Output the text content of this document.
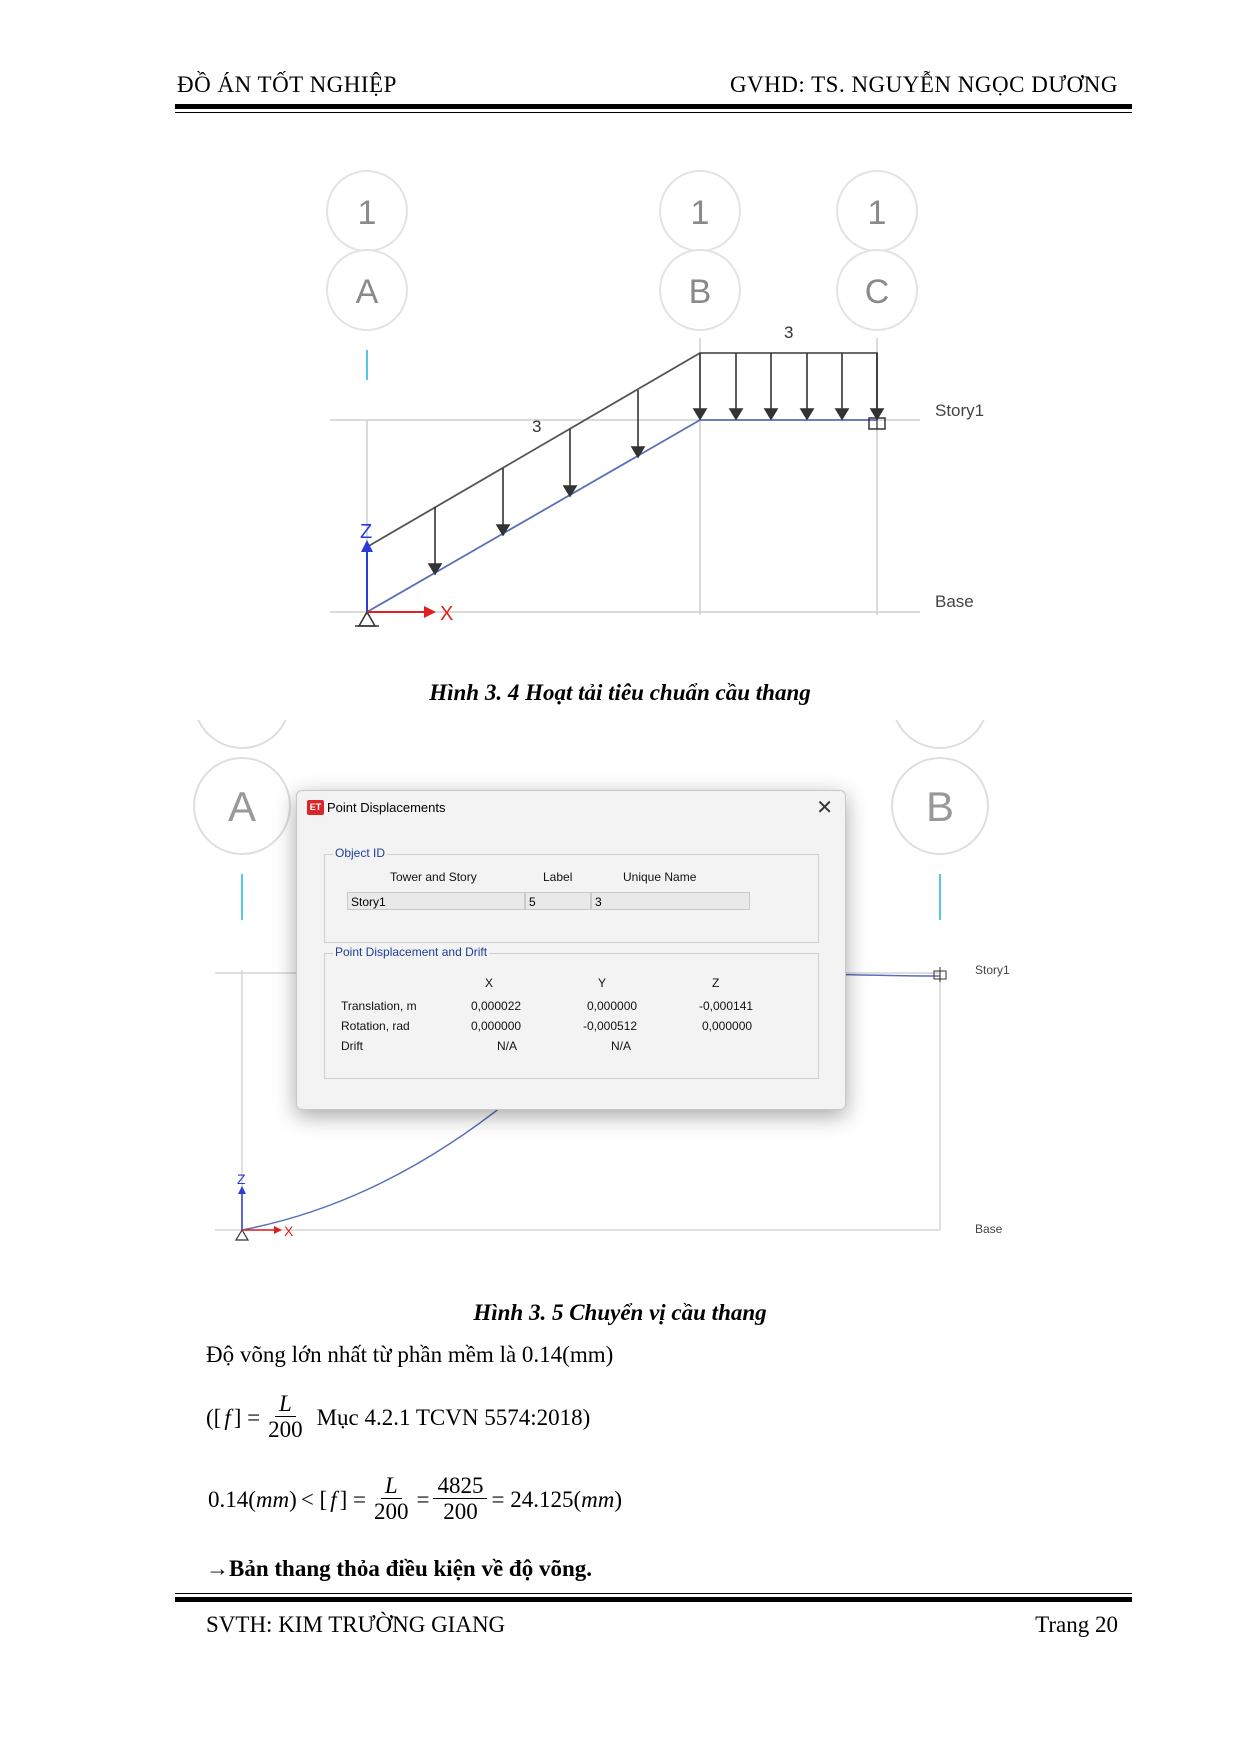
ĐỒ ÁN TỐT NGHIỆP	GVHD: TS. NGUYỄN NGỌC DƯƠNG
1
A
1
B
1
C
Story1
Base
3
3
Z
X
Hình 3. 4 Hoạt tải tiêu chuẩn cầu thang
A	B
Story1
Base
Z
X
ET Point Displacements	✕
Object ID
Tower and Story	Label	Unique Name
Story1	5	3
Point Displacement and Drift
X	Y	Z
Translation, m	0,000022	0,000000	-0,000141
Rotation, rad	0,000000	-0,000512	0,000000
Drift	N/A	N/A
Hình 3. 5 Chuyển vị cầu thang
Độ võng lớn nhất từ phần mềm là 0.14(mm)
([ f ] = $\frac{L}{200}$ Mục 4.2.1 TCVN 5574:2018)
0.14 ( mm ) < [ f ] = $\frac{L}{200} = \frac{4825}{200} = 24.125$ ( mm )
→Bản thang thỏa điều kiện về độ võng.
SVTH: KIM TRƯỜNG GIANG	Trang 20
